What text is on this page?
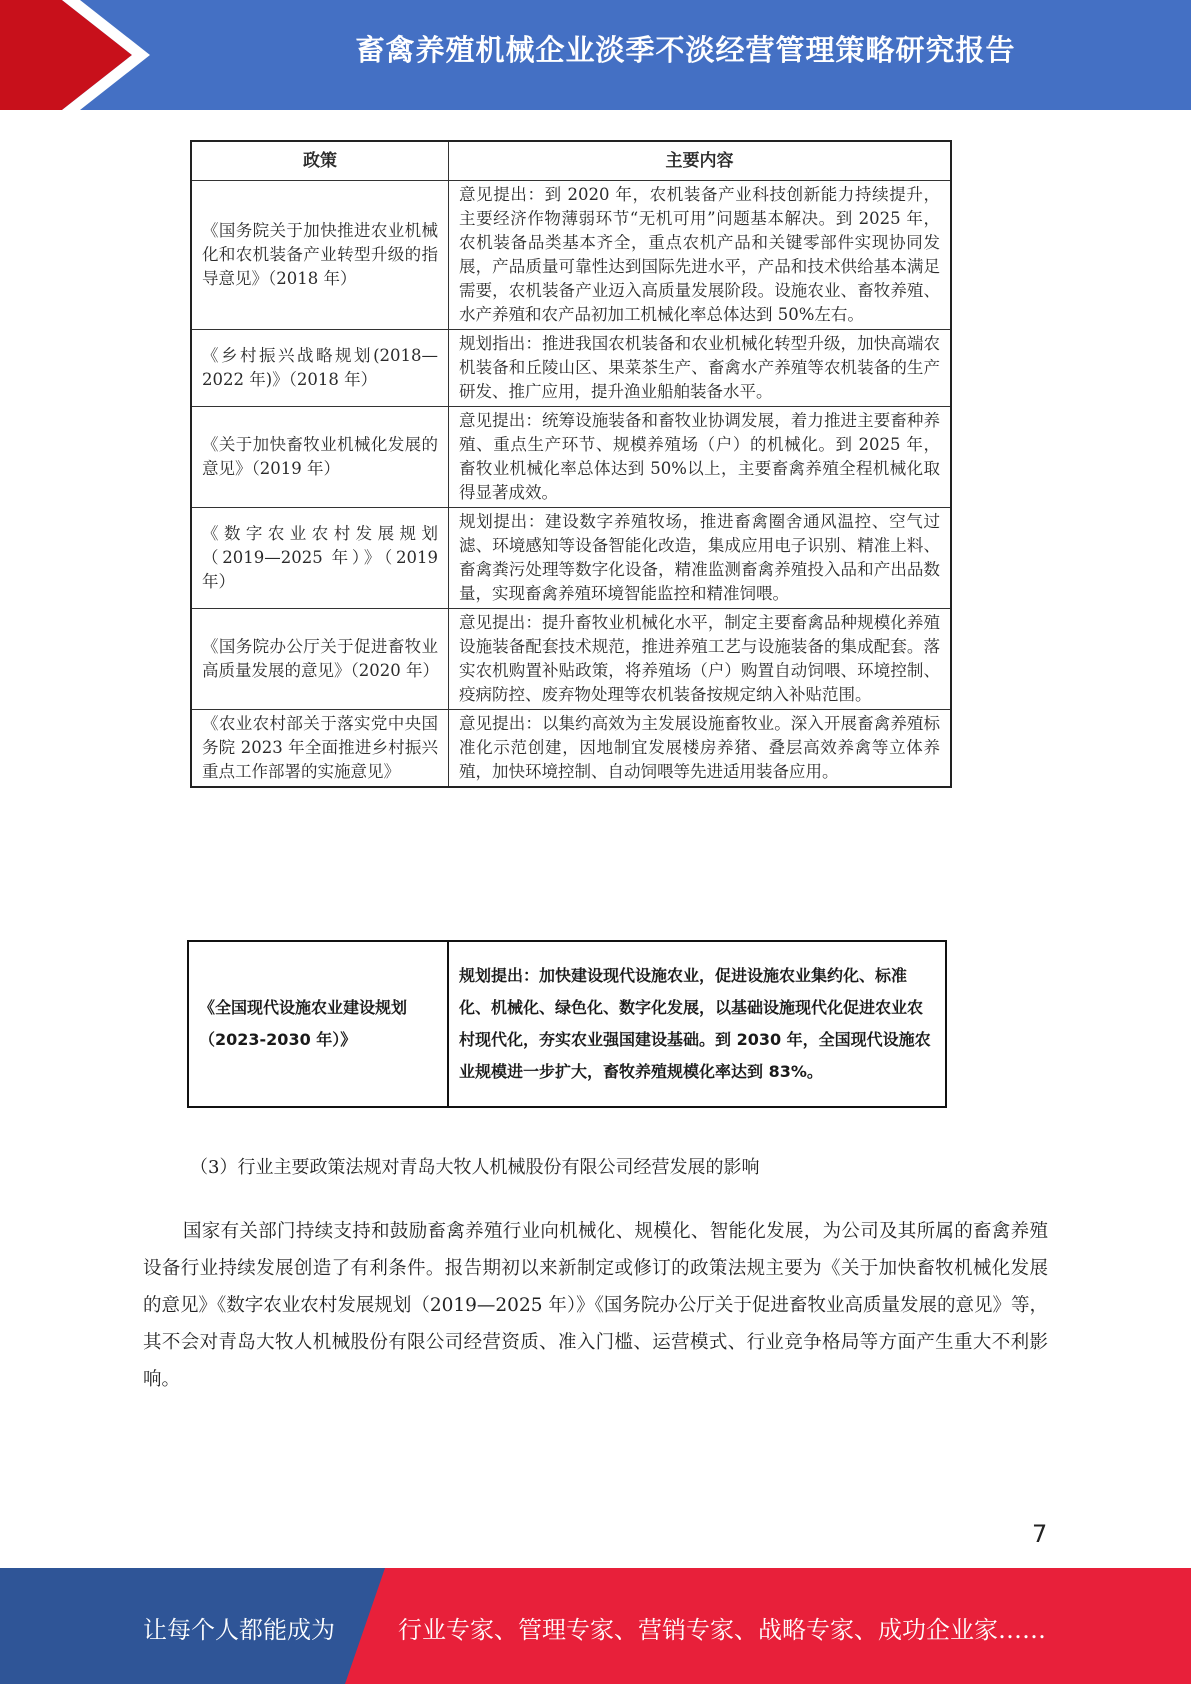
畜禽养殖机械企业淡季不淡经营管理策略研究报告
政策	主要内容
《国务院关于加快推进农业机械化和农机装备产业转型升级的指导意见》（2018 年）	意见提出：到 2020 年，农机装备产业科技创新能力持续提升，主要经济作物薄弱环节“无机可用”问题基本解决。到 2025 年，农机装备品类基本齐全，重点农机产品和关键零部件实现协同发展，产品质量可靠性达到国际先进水平，产品和技术供给基本满足需要，农机装备产业迈入高质量发展阶段。设施农业、畜牧养殖、水产养殖和农产品初加工机械化率总体达到 50%左右。
《乡村振兴战略规划(2018—2022 年)》（2018 年）	规划指出：推进我国农机装备和农业机械化转型升级，加快高端农机装备和丘陵山区、果菜茶生产、畜禽水产养殖等农机装备的生产研发、推广应用，提升渔业船舶装备水平。
《关于加快畜牧业机械化发展的意见》（2019 年）	意见提出：统筹设施装备和畜牧业协调发展，着力推进主要畜种养殖、重点生产环节、规模养殖场（户）的机械化。到 2025 年，畜牧业机械化率总体达到 50%以上，主要畜禽养殖全程机械化取得显著成效。
《数字农业农村发展规划（2019—2025 年）》（2019 年）	规划提出：建设数字养殖牧场，推进畜禽圈舍通风温控、空气过滤、环境感知等设备智能化改造，集成应用电子识别、精准上料、畜禽粪污处理等数字化设备，精准监测畜禽养殖投入品和产出品数量，实现畜禽养殖环境智能监控和精准饲喂。
《国务院办公厅关于促进畜牧业高质量发展的意见》（2020 年）	意见提出：提升畜牧业机械化水平，制定主要畜禽品种规模化养殖设施装备配套技术规范，推进养殖工艺与设施装备的集成配套。落实农机购置补贴政策，将养殖场（户）购置自动饲喂、环境控制、疫病防控、废弃物处理等农机装备按规定纳入补贴范围。
《农业农村部关于落实党中央国务院 2023 年全面推进乡村振兴重点工作部署的实施意见》	意见提出：以集约高效为主发展设施畜牧业。深入开展畜禽养殖标准化示范创建，因地制宜发展楼房养猪、叠层高效养禽等立体养殖，加快环境控制、自动饲喂等先进适用装备应用。
《全国现代设施农业建设规划（2023-2030 年）》	规划提出：加快建设现代设施农业，促进设施农业集约化、标准化、机械化、绿色化、数字化发展，以基础设施现代化促进农业农村现代化，夯实农业强国建设基础。到 2030 年，全国现代设施农业规模进一步扩大，畜牧养殖规模化率达到 83%。
（3）行业主要政策法规对青岛大牧人机械股份有限公司经营发展的影响

国家有关部门持续支持和鼓励畜禽养殖行业向机械化、规模化、智能化发展，为公司及其所属的畜禽养殖设备行业持续发展创造了有利条件。报告期初以来新制定或修订的政策法规主要为《关于加快畜牧机械化发展的意见》《数字农业农村发展规划（2019—2025 年）》《国务院办公厅关于促进畜牧业高质量发展的意见》等，其不会对青岛大牧人机械股份有限公司经营资质、准入门槛、运营模式、行业竞争格局等方面产生重大不利影响。

7
让每个人都能成为	行业专家、管理专家、营销专家、战略专家、成功企业家……
